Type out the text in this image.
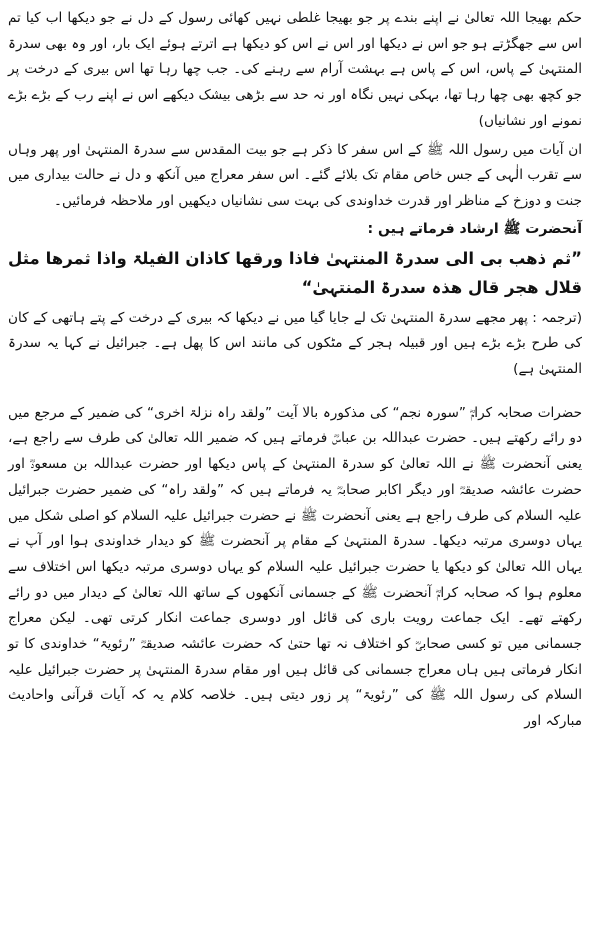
حکم بھیجا اللہ تعالیٰ نے اپنے بندے پر جو بھیجا غلطی نہیں کھائی رسول کے دل نے جو دیکھا اب کیا تم اس سے جھگڑتے ہو جو اس نے دیکھا اور اس نے اس کو دیکھا ہے اترتے ہوئے ایک بار، اور وہ بھی سدرۃ المنتہیٰ کے پاس، اس کے پاس ہے بہشت آرام سے رہنے کی۔ جب چھا رہا تھا اس بیری کے درخت پر جو کچھ بھی چھا رہا تھا، بہکی نہیں نگاہ اور نہ حد سے بڑھی بیشک دیکھے اس نے اپنے رب کے بڑے بڑے نمونے اور نشانیاں)

ان آیات میں رسول اللہ ﷺ کے اس سفر کا ذکر ہے جو بیت المقدس سے سدرۃ المنتہیٰ اور پھر وہاں سے تقرب الٰہی کے جس خاص مقام تک بلائے گئے۔ اس سفر معراج میں آنکھ و دل نے حالت بیداری میں جنت و دوزخ کے مناظر اور قدرت خداوندی کی بہت سی نشانیاں دیکھیں اور ملاحظہ فرمائیں۔

آنحضرت ﷺ ارشاد فرماتے ہیں :

”ثم ذھب بی الی سدرۃ المنتہیٰ فاذا ورقھا کاذان الفیلۃ واذا ثمرھا مثل قلال ھجر قال ھذہ سدرۃ المنتہیٰ“

(ترجمہ : پھر مجھے سدرۃ المنتہیٰ تک لے جایا گیا میں نے دیکھا کہ بیری کے درخت کے پتے ہاتھی کے کان کی طرح بڑے بڑے ہیں اور قبیلہ ہجر کے مٹکوں کی مانند اس کا پھل ہے۔ جبرائیل نے کہا یہ سدرۃ المنتہیٰ ہے)

حضرات صحابہ کرامؓ ”سورہ نجم“ کی مذکورہ بالا آیت ”ولقد راہ نزلۃ اخری“ کی ضمیر کے مرجع میں دو رائے رکھتے ہیں۔ حضرت عبداللہ بن عباسؓ فرماتے ہیں کہ ضمیر اللہ تعالیٰ کی طرف سے راجع ہے، یعنی آنحضرت ﷺ نے اللہ تعالیٰ کو سدرۃ المنتہیٰ کے پاس دیکھا اور حضرت عبداللہ بن مسعودؓ اور حضرت عائشہ صدیقہؓ اور دیگر اکابر صحابہؓ یہ فرماتے ہیں کہ ”ولقد راہ“ کی ضمیر حضرت جبرائیل علیہ السلام کی طرف راجع ہے یعنی آنحضرت ﷺ نے حضرت جبرائیل علیہ السلام کو اصلی شکل میں یہاں دوسری مرتبہ دیکھا۔ سدرۃ المنتہیٰ کے مقام پر آنحضرت ﷺ کو دیدار خداوندی ہوا اور آپ نے یہاں اللہ تعالیٰ کو دیکھا یا حضرت جبرائیل علیہ السلام کو یہاں دوسری مرتبہ دیکھا اس اختلاف سے معلوم ہوا کہ صحابہ کرامؓ آنحضرت ﷺ کے جسمانی آنکھوں کے ساتھ اللہ تعالیٰ کے دیدار میں دو رائے رکھتے تھے۔ ایک جماعت رویت باری کی قائل اور دوسری جماعت انکار کرتی تھی۔ لیکن معراج جسمانی میں تو کسی صحابیؓ کو اختلاف نہ تھا حتیٰ کہ حضرت عائشہ صدیقہؓ ”رئویۃ“ خداوندی کا تو انکار فرماتی ہیں ہاں معراج جسمانی کی قائل ہیں اور مقام سدرۃ المنتہیٰ پر حضرت جبرائیل علیہ السلام کی رسول اللہ ﷺ کی ”رئویۃ“ پر زور دیتی ہیں۔ خلاصہ کلام یہ کہ آیات قرآنی واحادیث مبارکہ اور
